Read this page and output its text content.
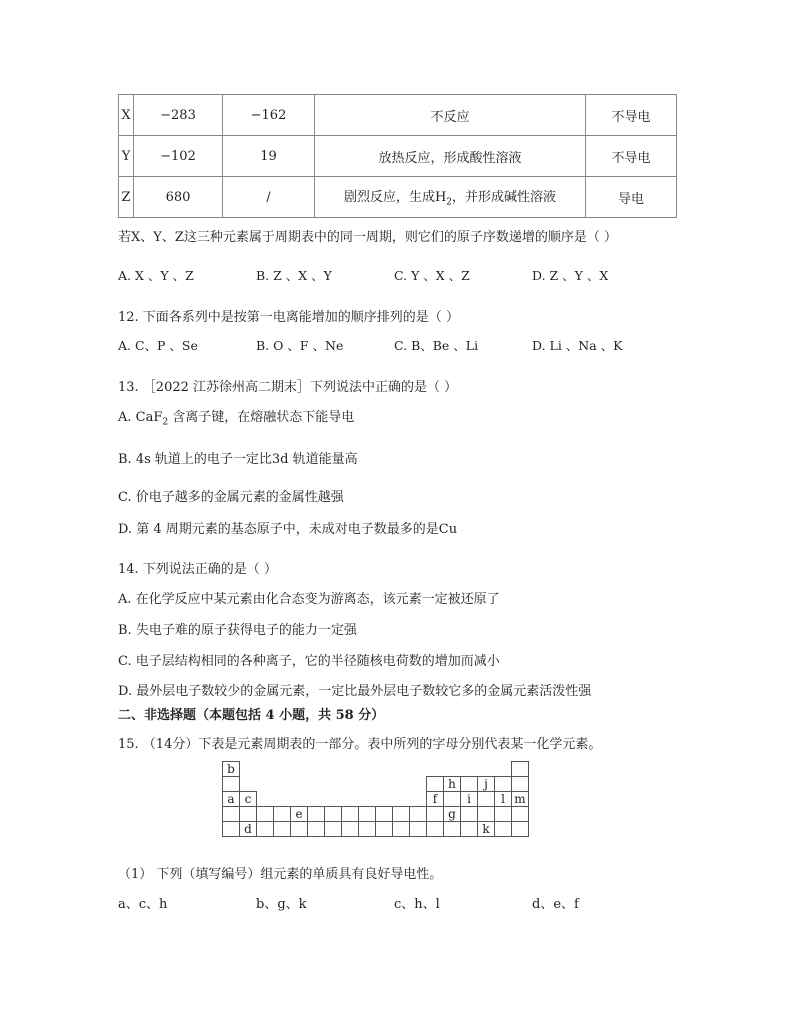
X	−283	−162	不反应	不导电
Y	−102	19	放热反应，形成酸性溶液	不导电
Z	680	/	剧烈反应，生成$H_2$，并形成碱性溶液	导电
若X、Y、Z这三种元素属于周期表中的同一周期，则它们的原子序数递增的顺序是（ ）
A. X 、Y 、Z	B. Z 、X 、Y	C. Y 、X 、Z	D. Z 、Y 、X
12. 下面各系列中是按第一电离能增加的顺序排列的是（ ）
A. C、P 、Se	B. O 、F 、Ne	C. B、Be 、Li	D. Li 、Na 、K
13. ［2022 江苏徐州高二期末］下列说法中正确的是（ ）
A. CaF$_2$ 含离子键，在熔融状态下能导电
B. 4s 轨道上的电子一定比3d 轨道能量高
C. 价电子越多的金属元素的金属性越强
D. 第 4 周期元素的基态原子中，未成对电子数最多的是Cu
14. 下列说法正确的是（ ）
A. 在化学反应中某元素由化合态变为游离态，该元素一定被还原了
B. 失电子难的原子获得电子的能力一定强
C. 电子层结构相同的各种离子，它的半径随核电荷数的增加而减小
D. 最外层电子数较少的金属元素，一定比最外层电子数较它多的金属元素活泼性强
二、非选择题（本题包括 4 小题，共 58 分）
15. （14分）下表是元素周期表的一部分。表中所列的字母分别代表某一化学元素。
b																	
													h		j		
a	c											f		i		l	m
				e									g				
	d														k		
（1） 下列（填写编号）组元素的单质具有良好导电性。
a、c、h	b、g、k	c、h、l	d、e、f
